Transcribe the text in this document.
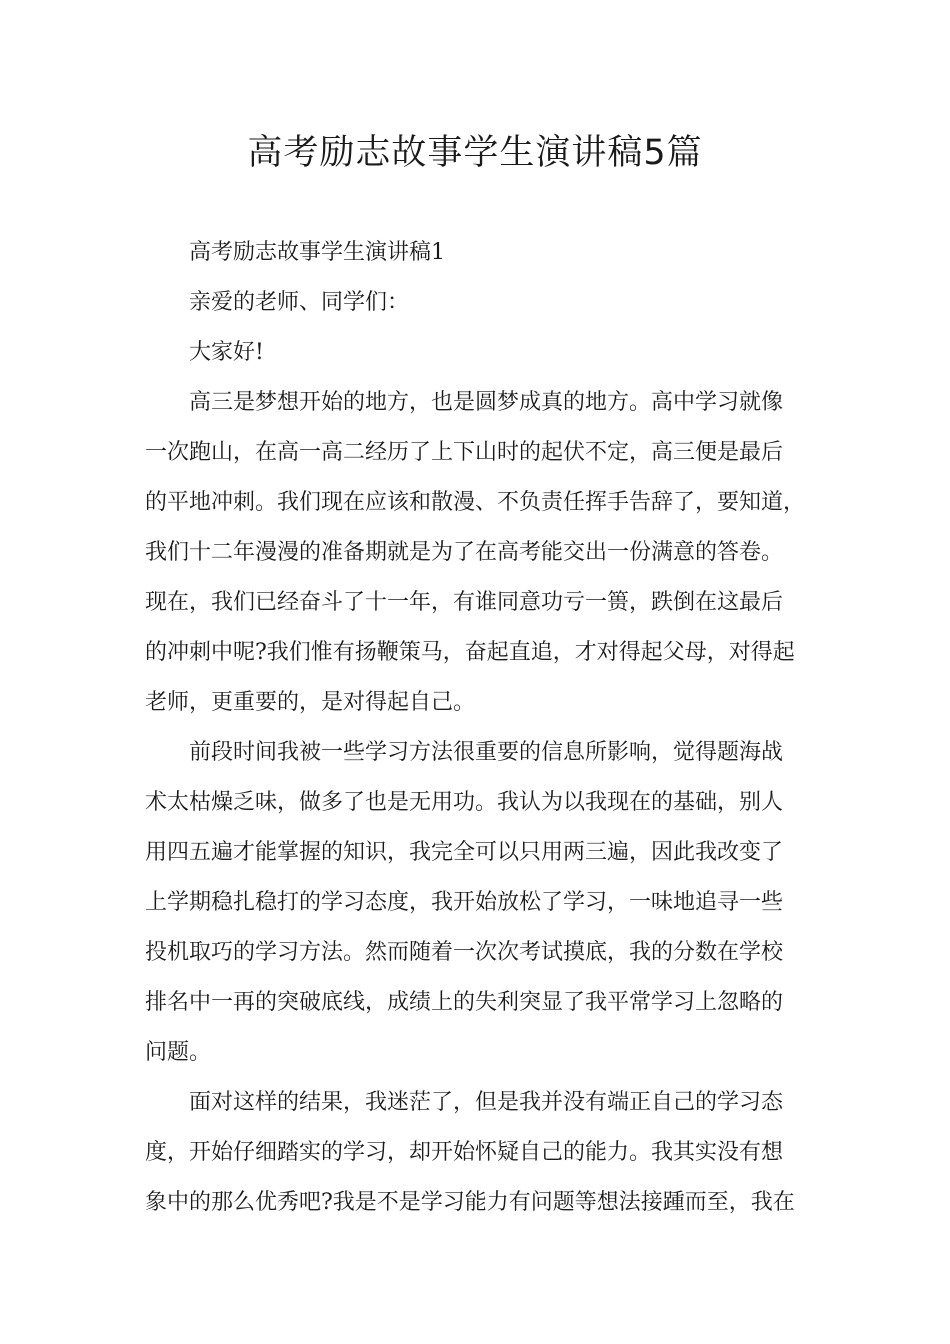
高考励志故事学生演讲稿5篇
高考励志故事学生演讲稿1
亲爱的老师、同学们：
大家好!
高三是梦想开始的地方，也是圆梦成真的地方。高中学习就像
一次跑山，在高一高二经历了上下山时的起伏不定，高三便是最后
的平地冲刺。我们现在应该和散漫、不负责任挥手告辞了，要知道，
我们十二年漫漫的准备期就是为了在高考能交出一份满意的答卷。
现在，我们已经奋斗了十一年，有谁同意功亏一篑，跌倒在这最后
的冲刺中呢?我们惟有扬鞭策马，奋起直追，才对得起父母，对得起
老师，更重要的，是对得起自己。
前段时间我被一些学习方法很重要的信息所影响，觉得题海战
术太枯燥乏味，做多了也是无用功。我认为以我现在的基础，别人
用四五遍才能掌握的知识，我完全可以只用两三遍，因此我改变了
上学期稳扎稳打的学习态度，我开始放松了学习，一味地追寻一些
投机取巧的学习方法。然而随着一次次考试摸底，我的分数在学校
排名中一再的突破底线，成绩上的失利突显了我平常学习上忽略的
问题。
面对这样的结果，我迷茫了，但是我并没有端正自己的学习态
度，开始仔细踏实的学习，却开始怀疑自己的能力。我其实没有想
象中的那么优秀吧?我是不是学习能力有问题等想法接踵而至，我在
